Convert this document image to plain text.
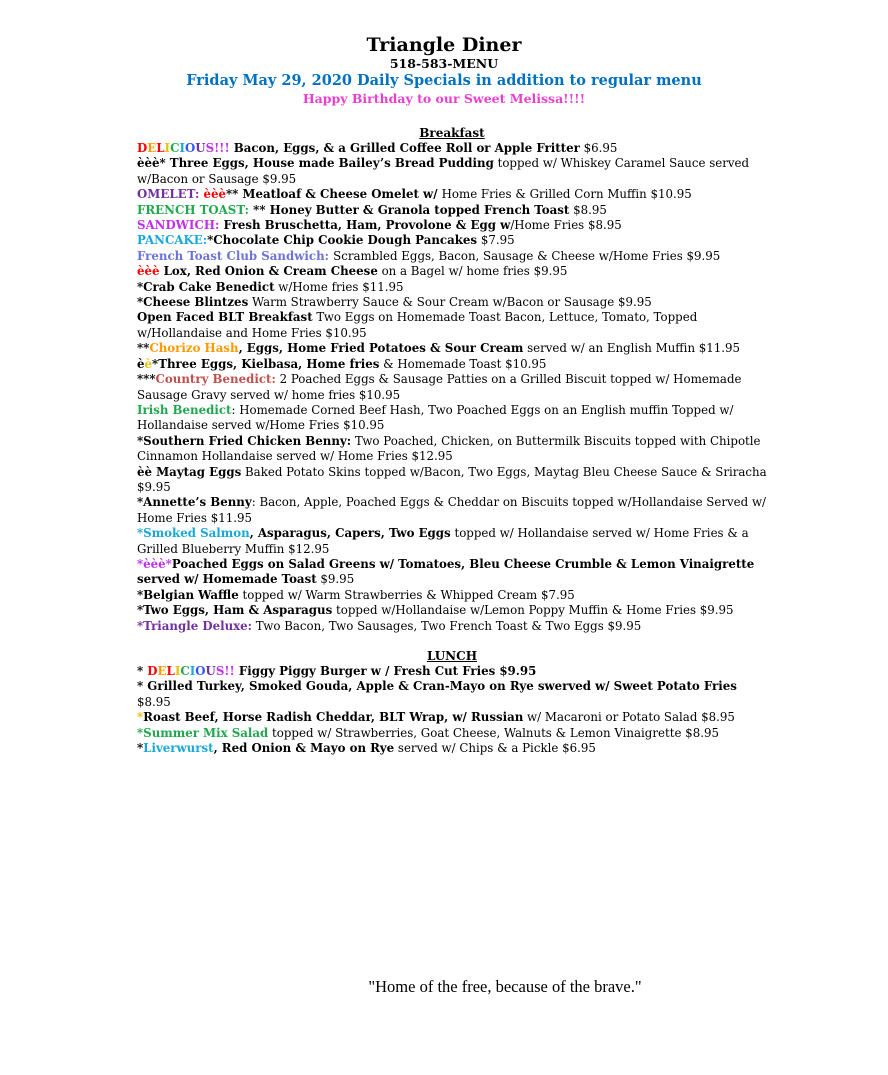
Triangle Diner
518-583-MENU
Friday May 29, 2020 Daily Specials in addition to regular menu
Happy Birthday to our Sweet Melissa!!!!
Breakfast
DELICIOUS!!! Bacon, Eggs, & a Grilled Coffee Roll or Apple Fritter $6.95
ѐѐѐ* Three Eggs, House made Bailey’s Bread Pudding topped w/ Whiskey Caramel Sauce served w/Bacon or Sausage $9.95
OMELET: ѐѐѐ** Meatloaf & Cheese Omelet w/ Home Fries & Grilled Corn Muffin $10.95
FRENCH TOAST: ** Honey Butter & Granola topped French Toast $8.95
SANDWICH: Fresh Bruschetta, Ham, Provolone & Egg w/Home Fries $8.95
PANCAKE:*Chocolate Chip Cookie Dough Pancakes $7.95
French Toast Club Sandwich: Scrambled Eggs, Bacon, Sausage & Cheese w/Home Fries $9.95
ѐѐѐ Lox, Red Onion & Cream Cheese on a Bagel w/ home fries $9.95
*Crab Cake Benedict w/Home fries $11.95
*Cheese Blintzes Warm Strawberry Sauce & Sour Cream w/Bacon or Sausage $9.95
Open Faced BLT Breakfast Two Eggs on Homemade Toast Bacon, Lettuce, Tomato, Topped w/Hollandaise and Home Fries $10.95
**Chorizo Hash, Eggs, Home Fried Potatoes & Sour Cream served w/ an English Muffin $11.95
ѐѐ*Three Eggs, Kielbasa, Home fries & Homemade Toast $10.95
***Country Benedict: 2 Poached Eggs & Sausage Patties on a Grilled Biscuit topped w/ Homemade Sausage Gravy served w/ home fries $10.95
Irish Benedict: Homemade Corned Beef Hash, Two Poached Eggs on an English muffin Topped w/ Hollandaise served w/Home Fries $10.95
*Southern Fried Chicken Benny: Two Poached, Chicken, on Buttermilk Biscuits topped with Chipotle Cinnamon Hollandaise served w/ Home Fries $12.95
ѐѐ Maytag Eggs Baked Potato Skins topped w/Bacon, Two Eggs, Maytag Bleu Cheese Sauce & Sriracha $9.95
*Annette’s Benny: Bacon, Apple, Poached Eggs & Cheddar on Biscuits topped w/Hollandaise Served w/ Home Fries $11.95
*Smoked Salmon, Asparagus, Capers, Two Eggs topped w/ Hollandaise served w/ Home Fries & a Grilled Blueberry Muffin $12.95
*ѐѐѐ*Poached Eggs on Salad Greens w/ Tomatoes, Bleu Cheese Crumble & Lemon Vinaigrette served w/ Homemade Toast $9.95
*Belgian Waffle topped w/ Warm Strawberries & Whipped Cream $7.95
*Two Eggs, Ham & Asparagus topped w/Hollandaise w/Lemon Poppy Muffin & Home Fries $9.95
*Triangle Deluxe: Two Bacon, Two Sausages, Two French Toast & Two Eggs $9.95
LUNCH
* DELICIOUS!! Figgy Piggy Burger w / Fresh Cut Fries $9.95
* Grilled Turkey, Smoked Gouda, Apple & Cran-Mayo on Rye swerved w/ Sweet Potato Fries $8.95
*Roast Beef, Horse Radish Cheddar, BLT Wrap, w/ Russian w/ Macaroni or Potato Salad $8.95
*Summer Mix Salad topped w/ Strawberries, Goat Cheese, Walnuts & Lemon Vinaigrette $8.95
*Liverwurst, Red Onion & Mayo on Rye served w/ Chips & a Pickle $6.95
"Home of the free, because of the brave."
